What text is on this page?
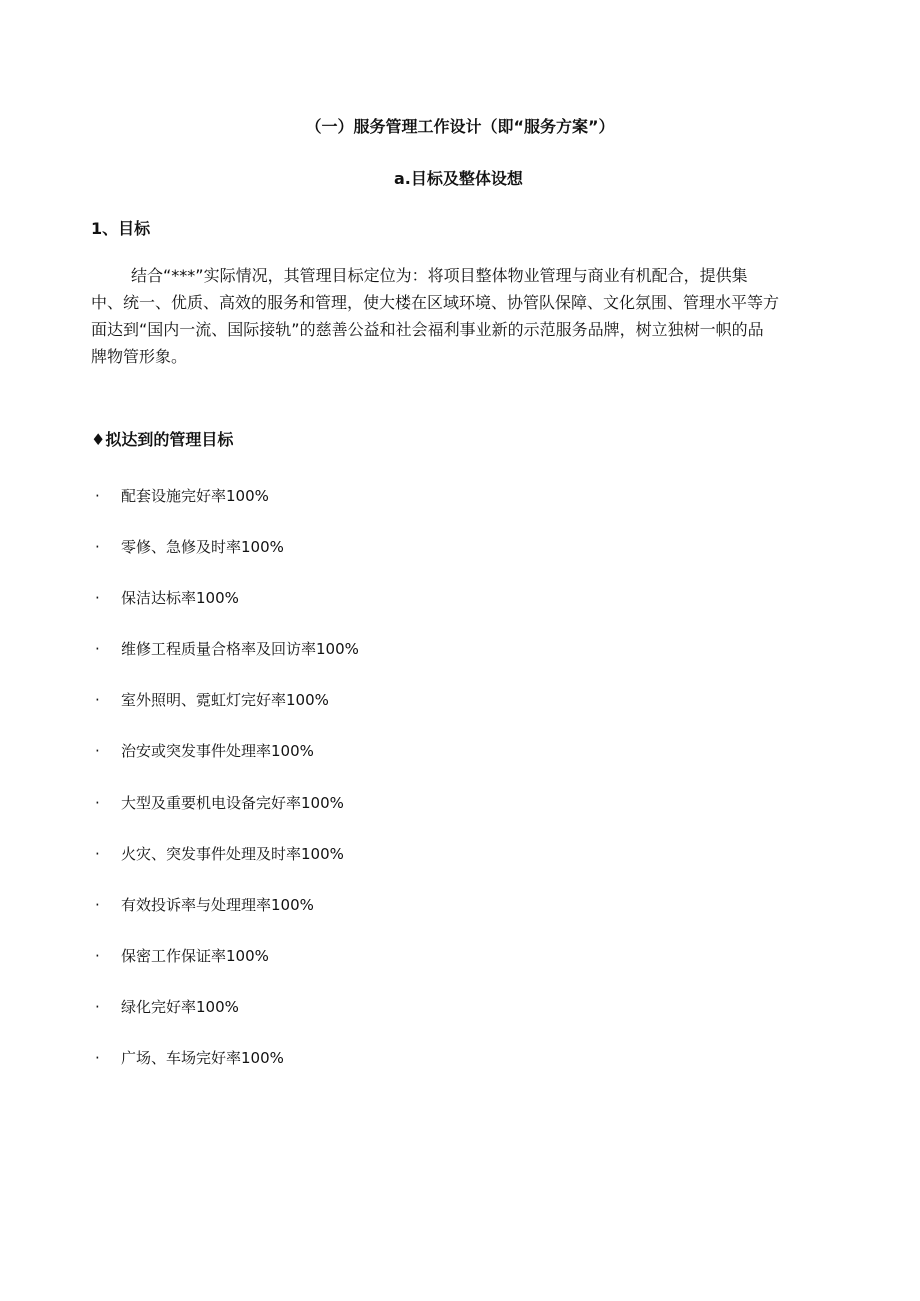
（一）服务管理工作设计（即“服务方案”）
a.目标及整体设想
1、目标

结合“***”实际情况，其管理目标定位为：将项目整体物业管理与商业有机配合，提供集
中、统一、优质、高效的服务和管理，使大楼在区域环境、协管队保障、文化氛围、管理水平等方
面达到“国内一流、国际接轨”的慈善公益和社会福利事业新的示范服务品牌，树立独树一帜的品
牌物管形象。

♦拟达到的管理目标
·	配套设施完好率100%
·	零修、急修及时率100%
·	保洁达标率100%
·	维修工程质量合格率及回访率100%
·	室外照明、霓虹灯完好率100%
·	治安或突发事件处理率100%
·	大型及重要机电设备完好率100%
·	火灾、突发事件处理及时率100%
·	有效投诉率与处理理率100%
·	保密工作保证率100%
·	绿化完好率100%
·	广场、车场完好率100%
